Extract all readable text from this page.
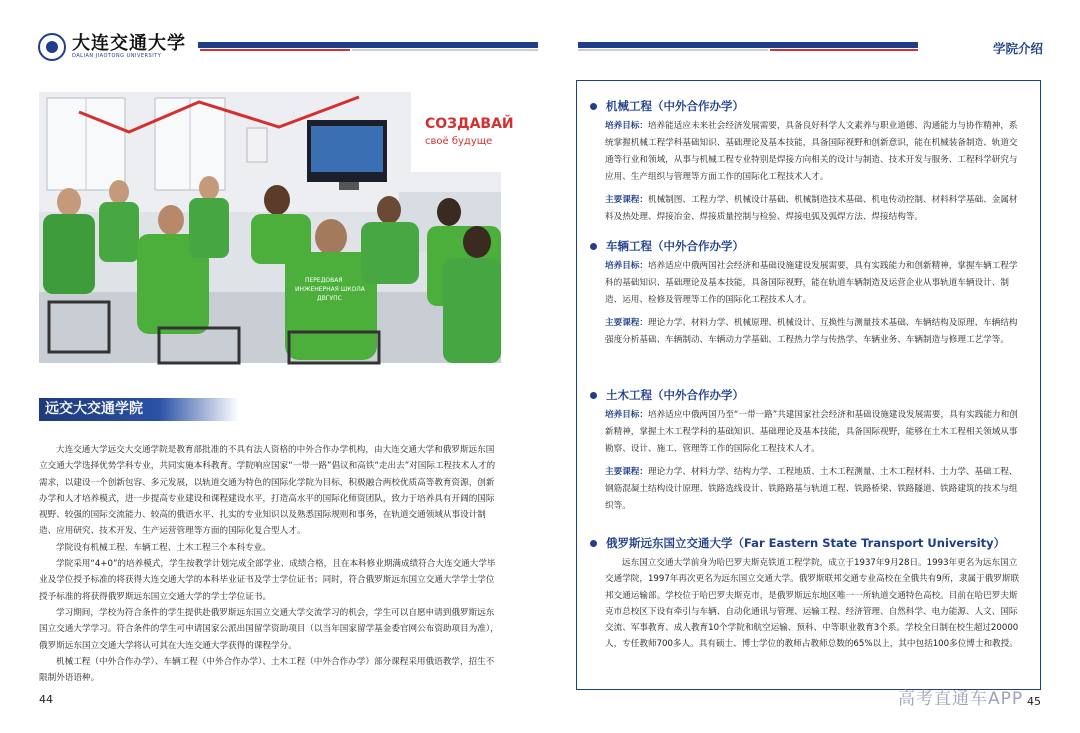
大连交通大学
DALIAN JIAOTONG UNIVERSITY
СОЗДАВАЙ
своё будуще
ПЕРЕДОВАЯ
ИНЖЕНЕРНАЯ ШКОЛА
ДВГУПС
远交大交通学院

大连交通大学远交大交通学院是教育部批准的不具有法人资格的中外合作办学机构，由大连交通大学和俄罗斯远东国立交通大学选择优势学科专业，共同实施本科教育。学院响应国家“一带一路”倡议和高铁“走出去”对国际工程技术人才的需求，以建设一个创新包容、多元发展，以轨道交通为特色的国际化学院为目标，积极融合两校优质高等教育资源，创新办学和人才培养模式，进一步提高专业建设和课程建设水平，打造高水平的国际化师资团队，致力于培养具有开阔的国际视野、较强的国际交流能力、较高的俄语水平、扎实的专业知识以及熟悉国际规则和事务，在轨道交通领域从事设计制造、应用研究、技术开发、生产运营管理等方面的国际化复合型人才。

学院设有机械工程、车辆工程、土木工程三个本科专业。

学院采用“4+0”的培养模式，学生按教学计划完成全部学业、成绩合格，且在本科修业期满成绩符合大连交通大学毕业及学位授予标准的将获得大连交通大学的本科毕业证书及学士学位证书；同时，符合俄罗斯远东国立交通大学学士学位授予标准的将获得俄罗斯远东国立交通大学的学士学位证书。

学习期间，学校为符合条件的学生提供赴俄罗斯远东国立交通大学交流学习的机会，学生可以自愿申请到俄罗斯远东国立交通大学学习。符合条件的学生可申请国家公派出国留学资助项目（以当年国家留学基金委官网公布资助项目为准），俄罗斯远东国立交通大学将认可其在大连交通大学获得的课程学分。

机械工程（中外合作办学）、车辆工程（中外合作办学）、土木工程（中外合作办学）部分课程采用俄语教学，招生不限制外语语种。

44
学院介绍
机械工程（中外合作办学）

培养目标：培养能适应未来社会经济发展需要，具备良好科学人文素养与职业道德、沟通能力与协作精神，系统掌握机械工程学科基础知识、基础理论及基本技能，具备国际视野和创新意识，能在机械装备制造、轨道交通等行业和领域，从事与机械工程专业特别是焊接方向相关的设计与制造、技术开发与服务、工程科学研究与应用、生产组织与管理等方面工作的国际化工程技术人才。

主要课程：机械制图、工程力学、机械设计基础、机械制造技术基础、机电传动控制、材料科学基础、金属材料及热处理、焊接冶金、焊接质量控制与检验、焊接电弧及弧焊方法、焊接结构等。

车辆工程（中外合作办学）

培养目标：培养适应中俄两国社会经济和基础设施建设发展需要，具有实践能力和创新精神，掌握车辆工程学科的基础知识、基础理论及基本技能，具备国际视野，能在轨道车辆制造及运营企业从事轨道车辆设计、制造、运用、检修及管理等工作的国际化工程技术人才。

主要课程：理论力学、材料力学、机械原理、机械设计、互换性与测量技术基础、车辆结构及原理、车辆结构强度分析基础、车辆制动、车辆动力学基础、工程热力学与传热学、车辆业务、车辆制造与修理工艺学等。

土木工程（中外合作办学）

培养目标：培养适应中俄两国乃至“一带一路”共建国家社会经济和基础设施建设发展需要，具有实践能力和创新精神，掌握土木工程学科的基础知识、基础理论及基本技能，具备国际视野，能够在土木工程相关领域从事勘察、设计、施工、管理等工作的国际化工程技术人才。

主要课程：理论力学、材料力学、结构力学、工程地质、土木工程测量、土木工程材料、土力学、基础工程、钢筋混凝土结构设计原理、铁路选线设计、铁路路基与轨道工程、铁路桥梁、铁路隧道、铁路建筑的技术与组织等。

俄罗斯远东国立交通大学（Far Eastern State Transport University）

远东国立交通大学前身为哈巴罗夫斯克铁道工程学院，成立于1937年9月28日。1993年更名为远东国立交通学院，1997年再次更名为远东国立交通大学。俄罗斯联邦交通专业高校在全俄共有9所，隶属于俄罗斯联邦交通运输部。学校位于哈巴罗夫斯克市，是俄罗斯远东地区唯一一所轨道交通特色高校。目前在哈巴罗夫斯克市总校区下设有牵引与车辆、自动化通讯与管理、运输工程、经济管理、自然科学、电力能源、人文、国际交流、军事教育、成人教育10个学院和航空运输、预科、中等职业教育3个系。学校全日制在校生超过20000人，专任教师700多人。具有硕士、博士学位的教师占教师总数的65%以上，其中包括100多位博士和教授。

45
高考直通车APP
